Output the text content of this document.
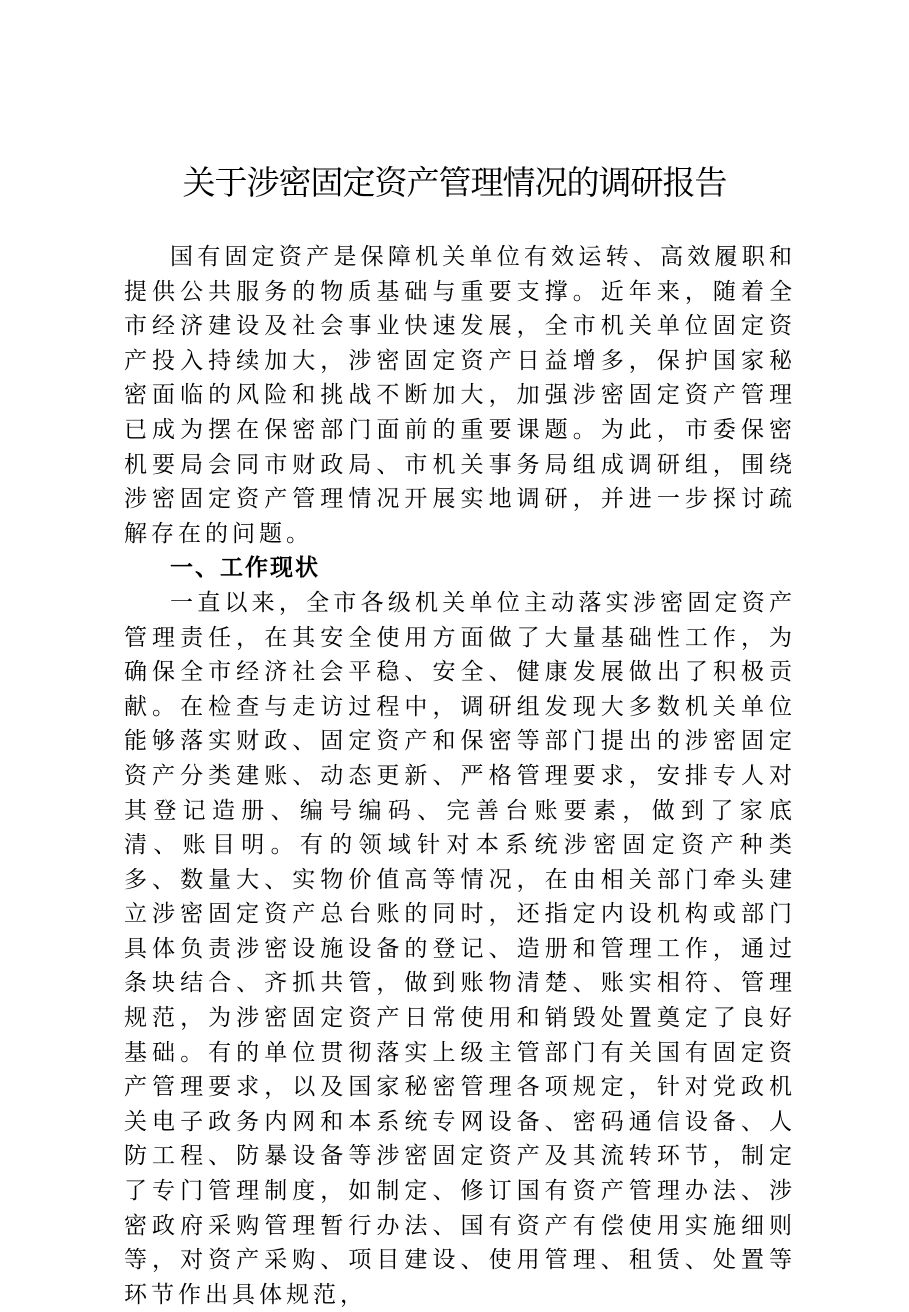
关于涉密固定资产管理情况的调研报告

国有固定资产是保障机关单位有效运转、高效履职和提供公共服务的物质基础与重要支撑。近年来，随着全市经济建设及社会事业快速发展，全市机关单位固定资产投入持续加大，涉密固定资产日益增多，保护国家秘密面临的风险和挑战不断加大，加强涉密固定资产管理已成为摆在保密部门面前的重要课题。为此，市委保密机要局会同市财政局、市机关事务局组成调研组，围绕涉密固定资产管理情况开展实地调研，并进一步探讨疏解存在的问题。

一、工作现状

一直以来，全市各级机关单位主动落实涉密固定资产管理责任，在其安全使用方面做了大量基础性工作，为确保全市经济社会平稳、安全、健康发展做出了积极贡献。在检查与走访过程中，调研组发现大多数机关单位能够落实财政、固定资产和保密等部门提出的涉密固定资产分类建账、动态更新、严格管理要求，安排专人对其登记造册、编号编码、完善台账要素，做到了家底清、账目明。有的领域针对本系统涉密固定资产种类多、数量大、实物价值高等情况，在由相关部门牵头建立涉密固定资产总台账的同时，还指定内设机构或部门具体负责涉密设施设备的登记、造册和管理工作，通过条块结合、齐抓共管，做到账物清楚、账实相符、管理规范，为涉密固定资产日常使用和销毁处置奠定了良好基础。有的单位贯彻落实上级主管部门有关国有固定资产管理要求，以及国家秘密管理各项规定，针对党政机关电子政务内网和本系统专网设备、密码通信设备、人防工程、防暴设备等涉密固定资产及其流转环节，制定了专门管理制度，如制定、修订国有资产管理办法、涉密政府采购管理暂行办法、国有资产有偿使用实施细则等，对资产采购、项目建设、使用管理、租赁、处置等环节作出具体规范，
